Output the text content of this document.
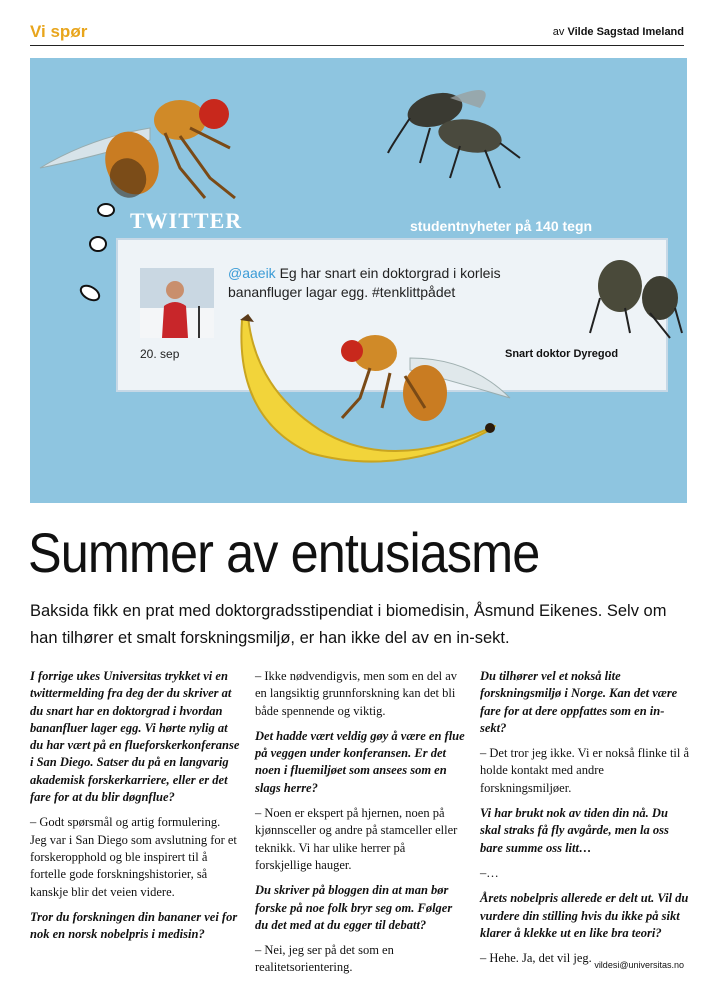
Vi spør	av Vilde Sagstad Imeland
TWITTER	studentnyheter på 140 tegn
@aaeik Eg har snart ein doktorgrad i korleis bananfluger lagar egg. #tenklittpådet
20. sep	Snart doktor Dyregod
Summer av entusiasme
Baksida fikk en prat med doktorgradsstipendiat i biomedisin, Åsmund Eikenes. Selv om han tilhører et smalt forskningsmiljø, er han ikke del av en in-sekt.

I forrige ukes Universitas trykket vi en twittermelding fra deg der du skriver at du snart har en doktorgrad i hvordan bananfluer lager egg. Vi hørte nylig at du har vært på en flueforskerkonferanse i San Diego. Satser du på en langvarig akademisk forskerkarriere, eller er det fare for at du blir døgnflue?

– Godt spørsmål og artig formulering. Jeg var i San Diego som avslutning for et forskeropphold og ble inspirert til å fortelle gode forskningshistorier, så kanskje blir det veien videre.

Tror du forskningen din bananer vei for nok en norsk nobelpris i medisin?

– Ikke nødvendigvis, men som en del av en langsiktig grunnforskning kan det bli både spennende og viktig.

Det hadde vært veldig gøy å være en flue på veggen under konferansen. Er det noen i fluemiljøet som ansees som en slags herre?

– Noen er ekspert på hjernen, noen på kjønnsceller og andre på stamceller eller teknikk. Vi har ulike herrer på forskjellige hauger.

Du skriver på bloggen din at man bør forske på noe folk bryr seg om. Følger du det med at du egger til debatt?

– Nei, jeg ser på det som en realitetsorientering.

Du tilhører vel et nokså lite forskningsmiljø i Norge. Kan det være fare for at dere oppfattes som en in-sekt?

– Det tror jeg ikke. Vi er nokså flinke til å holde kontakt med andre forskningsmiljøer.

Vi har brukt nok av tiden din nå. Du skal straks få fly avgårde, men la oss bare summe oss litt…

–…

Årets nobelpris allerede er delt ut. Vil du vurdere din stilling hvis du ikke på sikt klarer å klekke ut en like bra teori?

– Hehe. Ja, det vil jeg. vildesi@universitas.no
